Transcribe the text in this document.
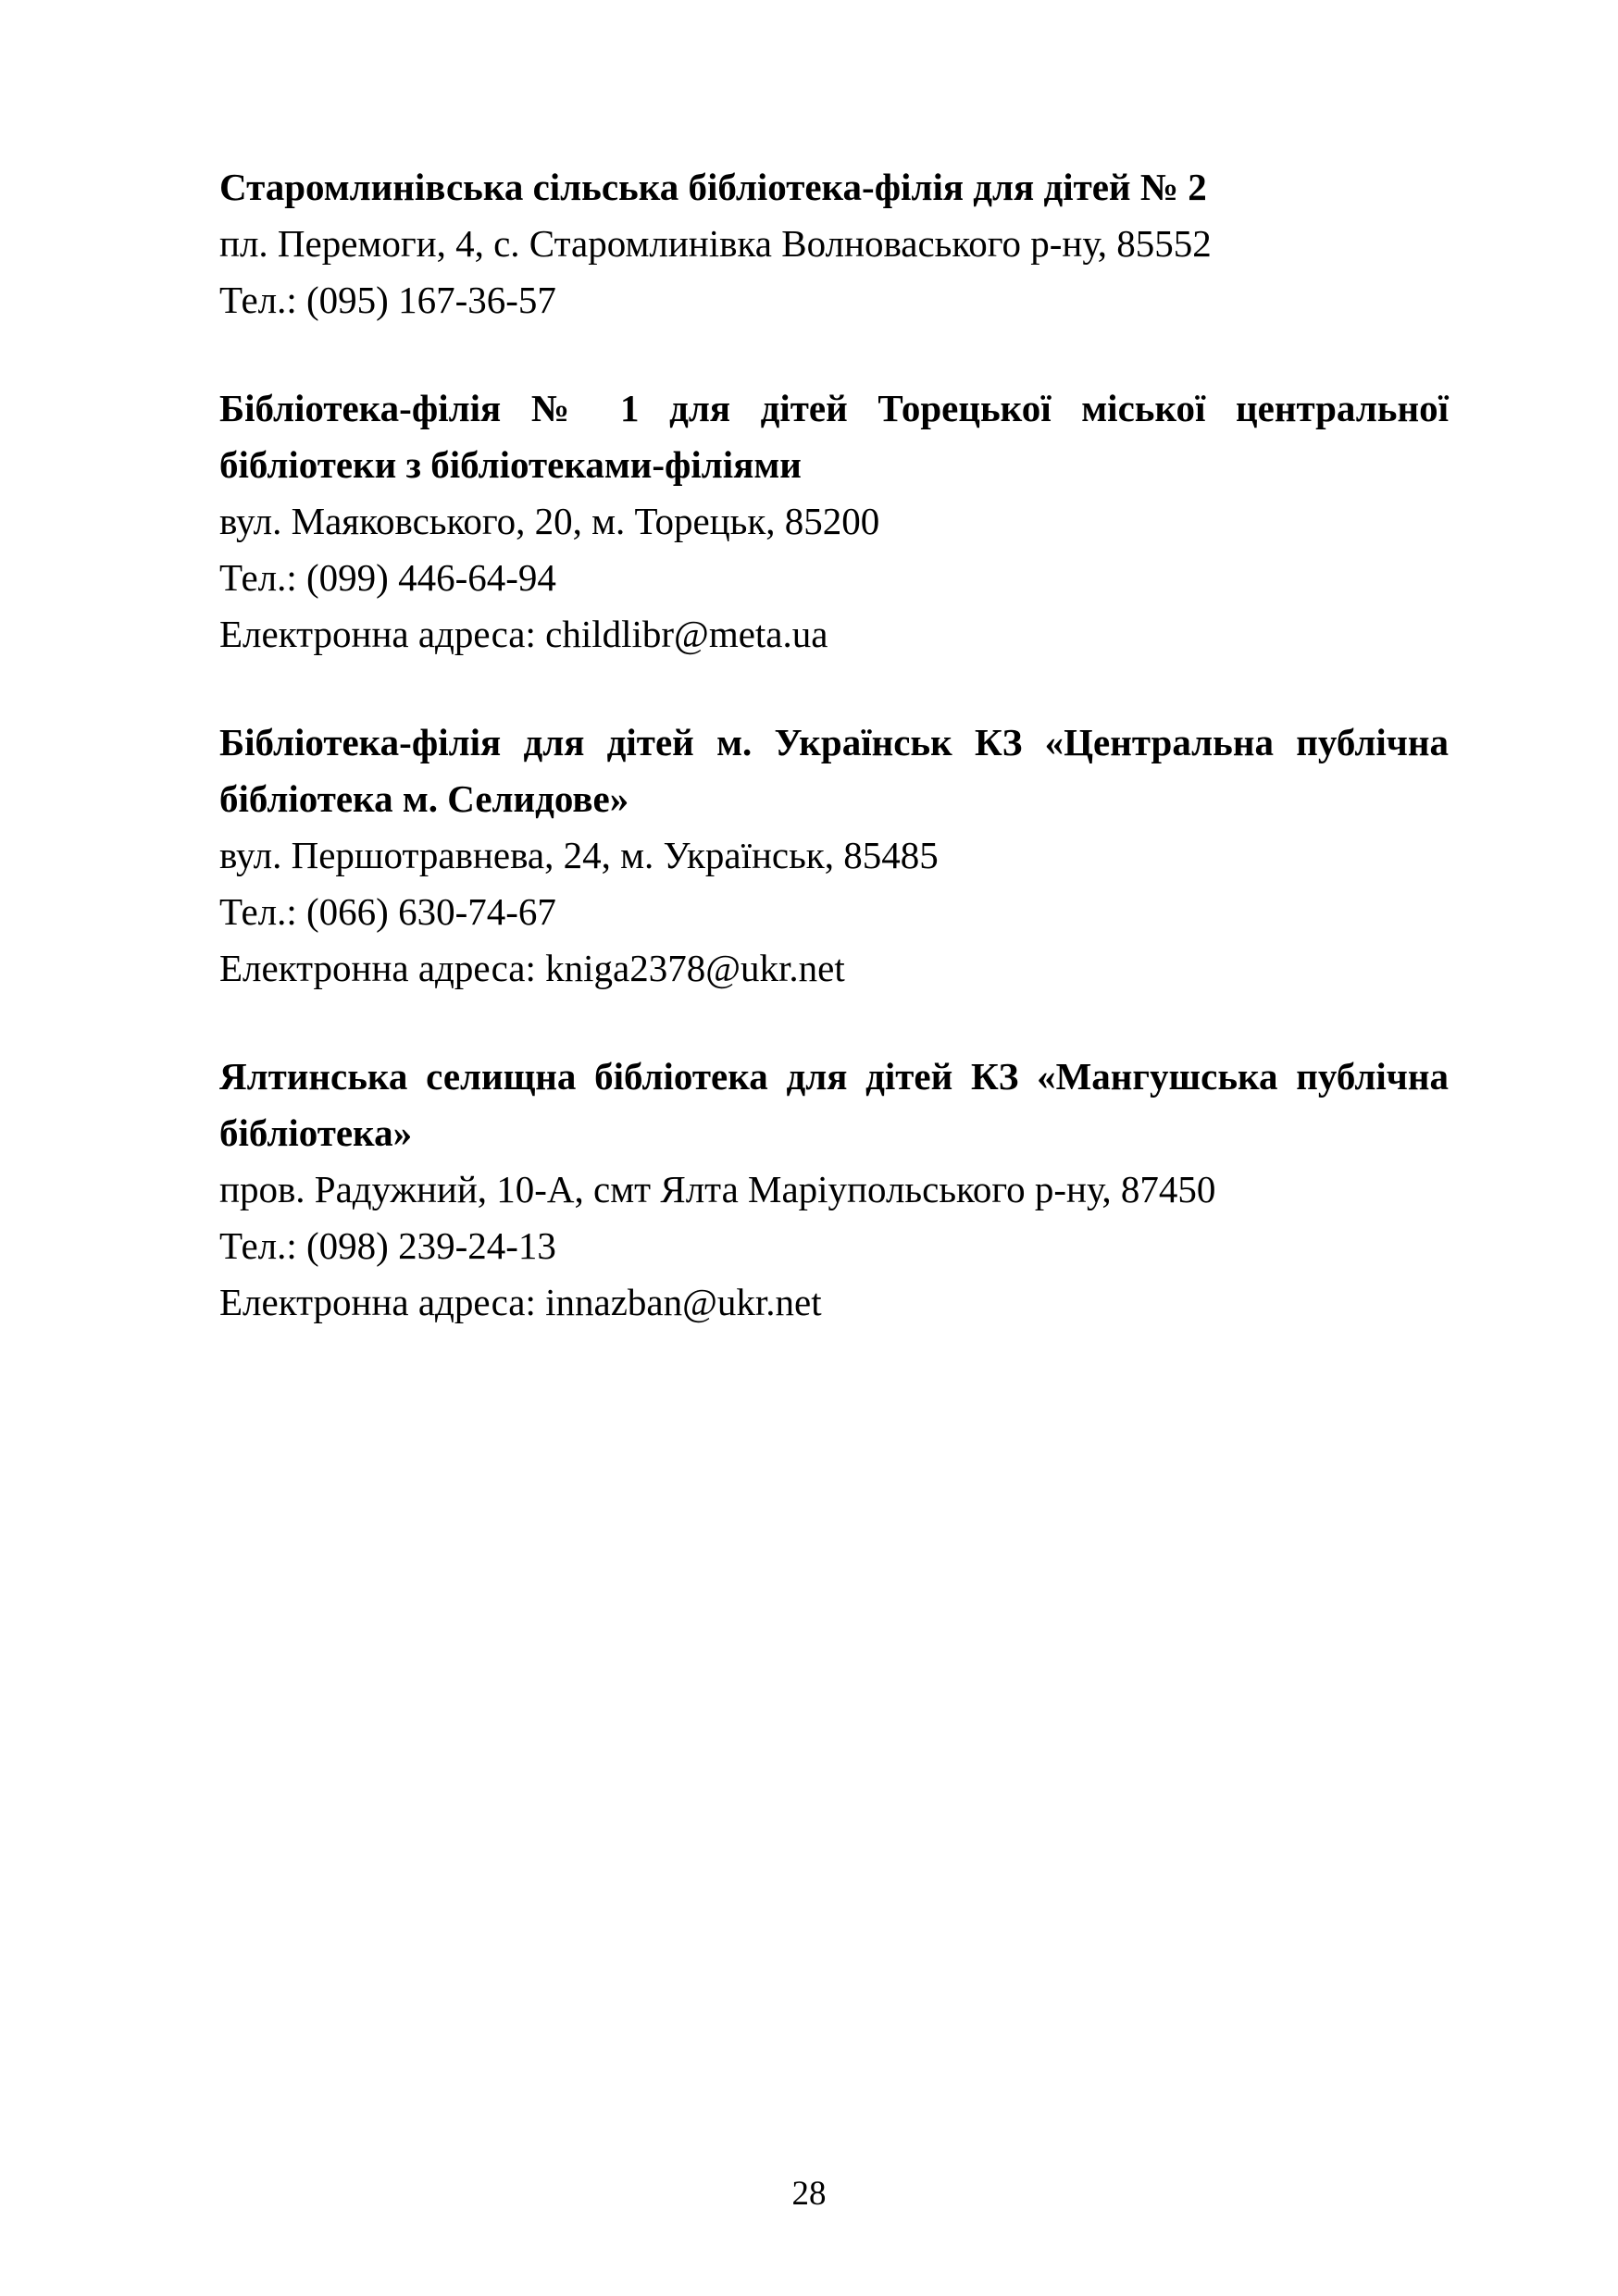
Старомлинівська сільська бібліотека-філія для дітей № 2

пл. Перемоги, 4, с. Старомлинівка Волноваського р-ну, 85552

Тел.: (095) 167-36-57

Бібліотека-філія № 1 для дітей Торецької міської центральної бібліотеки з бібліотеками-філіями

вул. Маяковського, 20, м. Торецьк, 85200

Тел.: (099) 446-64-94

Електронна адреса: childlibr@meta.ua

Бібліотека-філія для дітей м. Українськ КЗ «Центральна публічна бібліотека м. Селидове»

вул. Першотравнева, 24, м. Українськ, 85485

Тел.: (066) 630-74-67

Електронна адреса: kniga2378@ukr.net

Ялтинська селищна бібліотека для дітей КЗ «Мангушська публічна бібліотека»

пров. Радужний, 10-А, смт Ялта Маріупольського р-ну, 87450

Тел.: (098) 239-24-13

Електронна адреса: innazban@ukr.net

28
